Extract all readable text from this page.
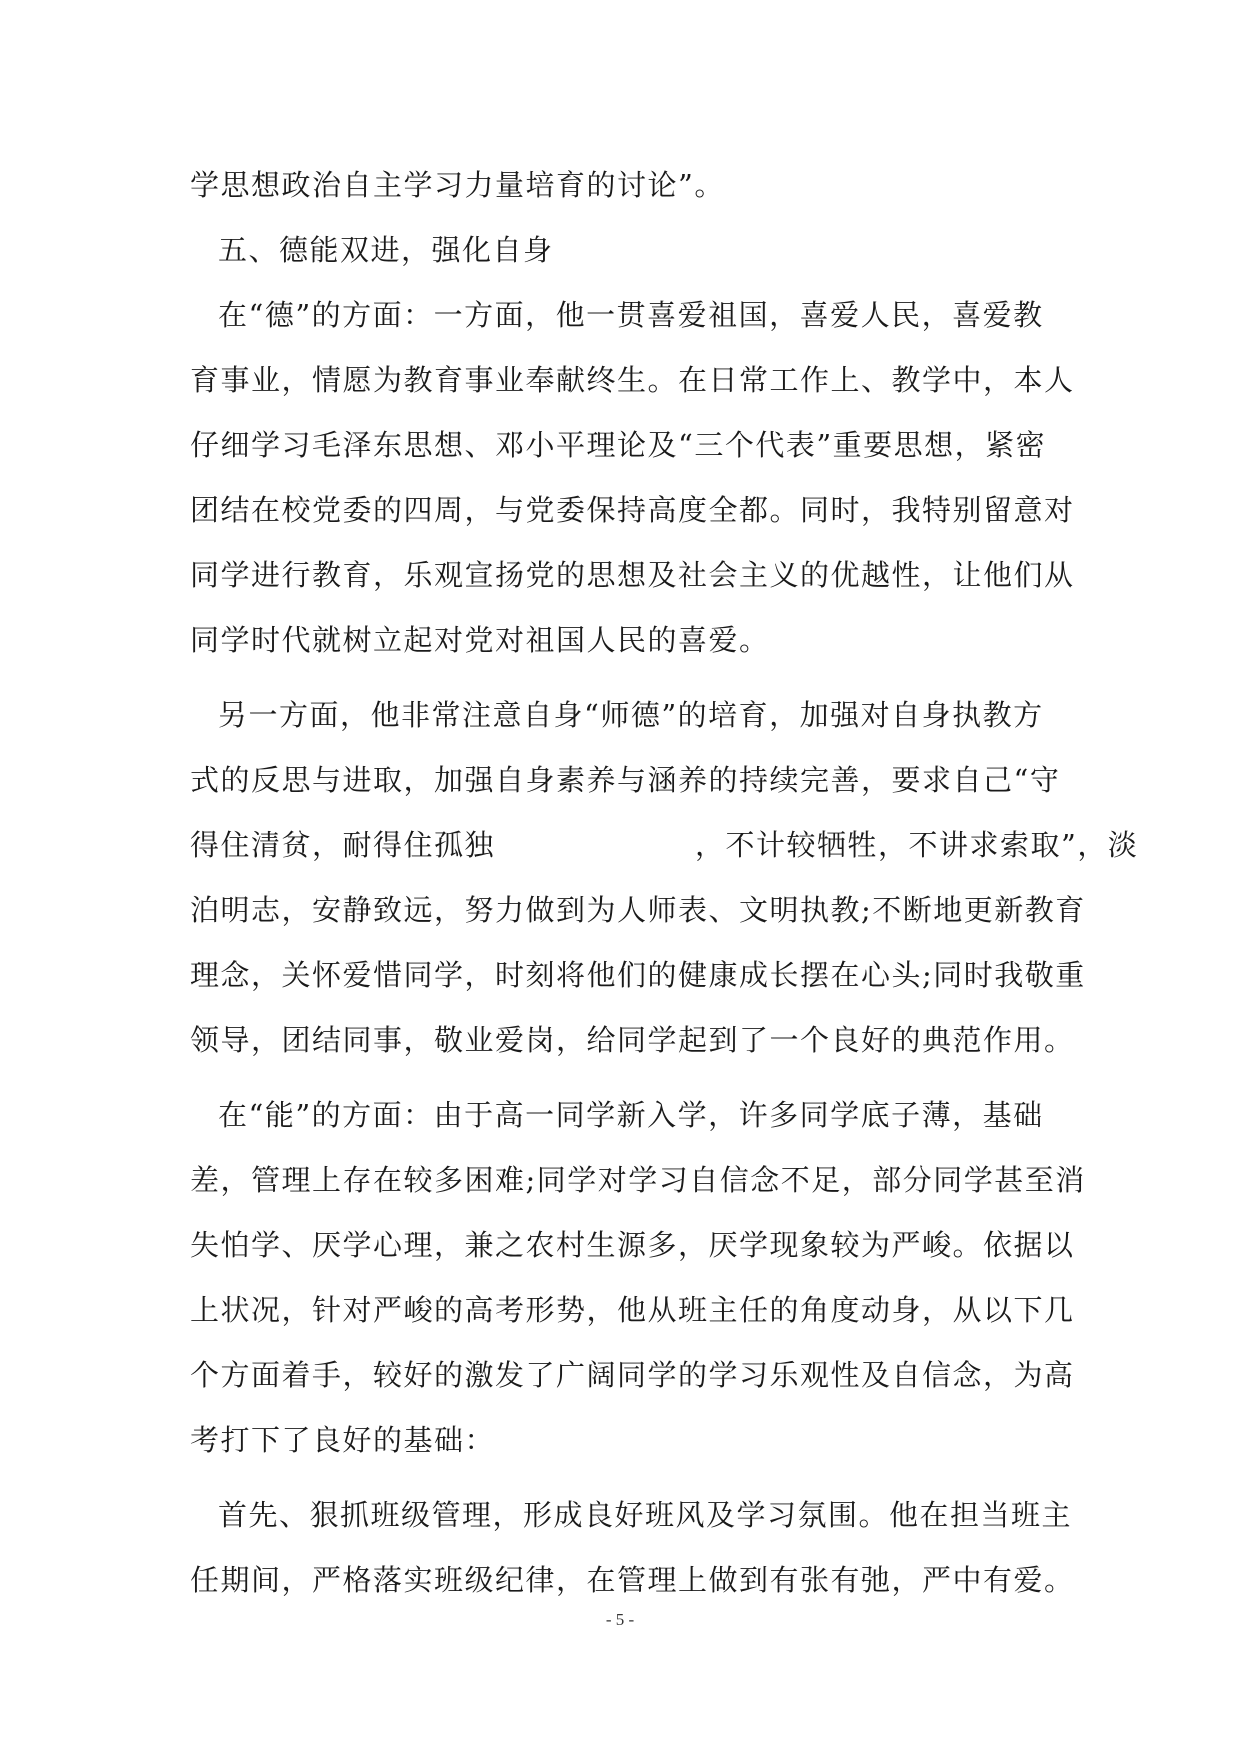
学思想政治自主学习力量培育的讨论”。
五、德能双进，强化自身
在“德”的方面：一方面，他一贯喜爱祖国，喜爱人民，喜爱教
育事业，情愿为教育事业奉献终生。在日常工作上、教学中，本人
仔细学习毛泽东思想、邓小平理论及“三个代表”重要思想，紧密
团结在校党委的四周，与党委保持高度全都。同时，我特别留意对
同学进行教育，乐观宣扬党的思想及社会主义的优越性，让他们从
同学时代就树立起对党对祖国人民的喜爱。
另一方面，他非常注意自身“师德”的培育，加强对自身执教方
式的反思与进取，加强自身素养与涵养的持续完善，要求自己“守
得住清贫，耐得住孤独	，不计较牺牲，不讲求索取”，淡
泊明志，安静致远，努力做到为人师表、文明执教;不断地更新教育
理念，关怀爱惜同学，时刻将他们的健康成长摆在心头;同时我敬重
领导，团结同事，敬业爱岗，给同学起到了一个良好的典范作用。
在“能”的方面：由于高一同学新入学，许多同学底子薄，基础
差，管理上存在较多困难;同学对学习自信念不足，部分同学甚至消
失怕学、厌学心理，兼之农村生源多，厌学现象较为严峻。依据以
上状况，针对严峻的高考形势，他从班主任的角度动身，从以下几
个方面着手，较好的激发了广阔同学的学习乐观性及自信念，为高
考打下了良好的基础：
首先、狠抓班级管理，形成良好班风及学习氛围。他在担当班主
任期间，严格落实班级纪律，在管理上做到有张有弛，严中有爱。
- 5 -
